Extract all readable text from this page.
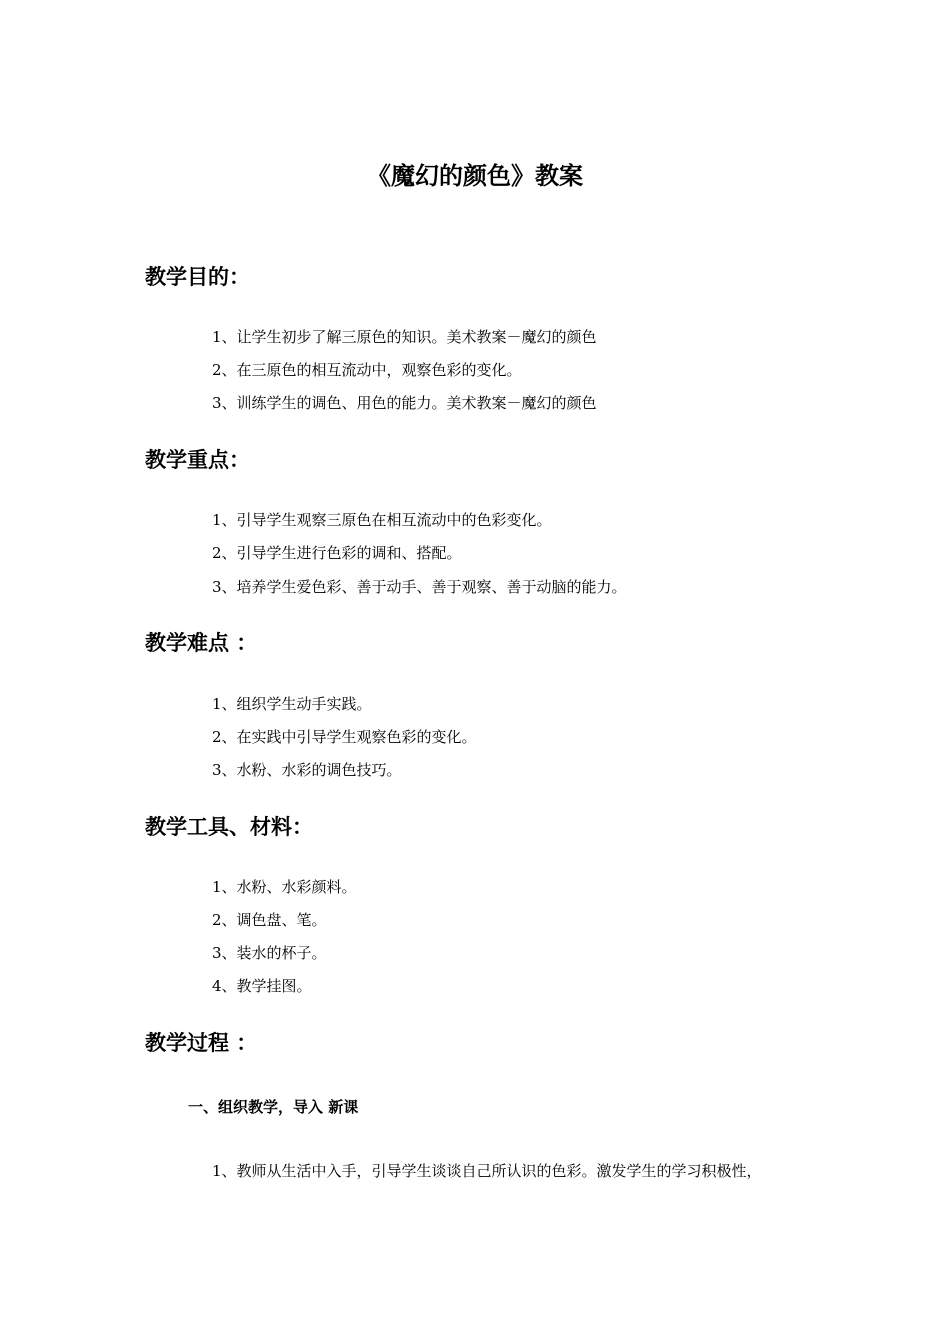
《魔幻的颜色》教案
教学目的：
1、让学生初步了解三原色的知识。美术教案－魔幻的颜色
2、在三原色的相互流动中，观察色彩的变化。
3、训练学生的调色、用色的能力。美术教案－魔幻的颜色
教学重点：
1、引导学生观察三原色在相互流动中的色彩变化。
2、引导学生进行色彩的调和、搭配。
3、培养学生爱色彩、善于动手、善于观察、善于动脑的能力。
教学难点 ：
1、组织学生动手实践。
2、在实践中引导学生观察色彩的变化。
3、水粉、水彩的调色技巧。
教学工具、材料：
1、水粉、水彩颜料。
2、调色盘、笔。
3、装水的杯子。
4、教学挂图。
教学过程 ：
一、组织教学，导入 新课
1、教师从生活中入手，引导学生谈谈自己所认识的色彩。激发学生的学习积极性，
